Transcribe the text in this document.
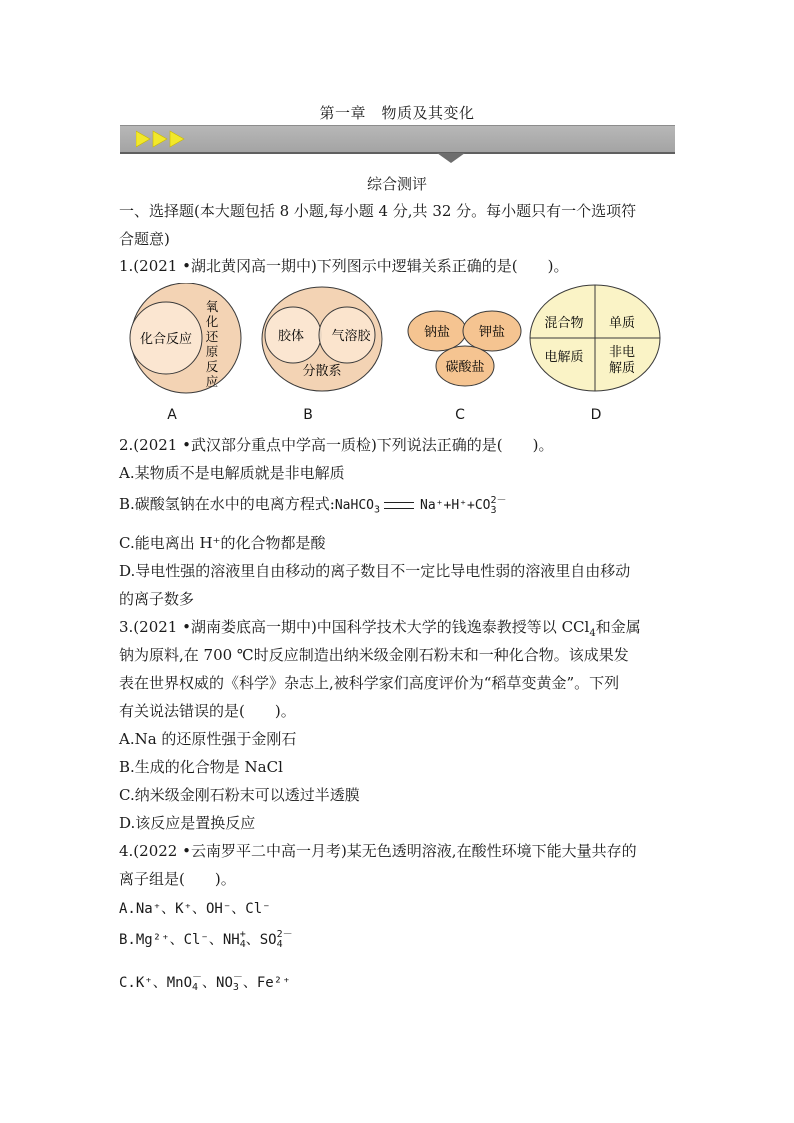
第一章　物质及其变化
综合测评
一、选择题(本大题包括 8 小题,每小题 4 分,共 32 分。每小题只有一个选项符
合题意)
1.(2021 •湖北黄冈高一期中)下列图示中逻辑关系正确的是(　　)。
化合反应
氧
化
还
原
反
应
胶体 气溶胶
分散系
钠盐 钾盐
碳酸盐
混合物 单质
电解质 非电
解质
A	B	C	D
2.(2021 •武汉部分重点中学高一质检)下列说法正确的是(　　)。
A.某物质不是电解质就是非电解质
B.碳酸氢钠在水中的电离方程式:NaHCO$_3$	Na⁺+H⁺+CO 2－
3
C.能电离出 H⁺的化合物都是酸
D.导电性强的溶液里自由移动的离子数目不一定比导电性弱的溶液里自由移动
的离子数多
3.(2021 •湖南娄底高一期中)中国科学技术大学的钱逸泰教授等以 CCl$_4$和金属
钠为原料,在 700 ℃时反应制造出纳米级金刚石粉末和一种化合物。该成果发
表在世界权威的《科学》杂志上,被科学家们高度评价为“稻草变黄金”。下列
有关说法错误的是(　　)。
A.Na 的还原性强于金刚石
B.生成的化合物是 NaCl
C.纳米级金刚石粉末可以透过半透膜
D.该反应是置换反应
4.(2022 •云南罗平二中高一月考)某无色透明溶液,在酸性环境下能大量共存的
离子组是(　　)。
A.Na⁺、K⁺、OH⁻、Cl⁻
B.Mg²⁺、Cl⁻、NH +
4 、SO 2－
4
C.K⁺、MnO －
4 、NO －
3 、Fe²⁺
